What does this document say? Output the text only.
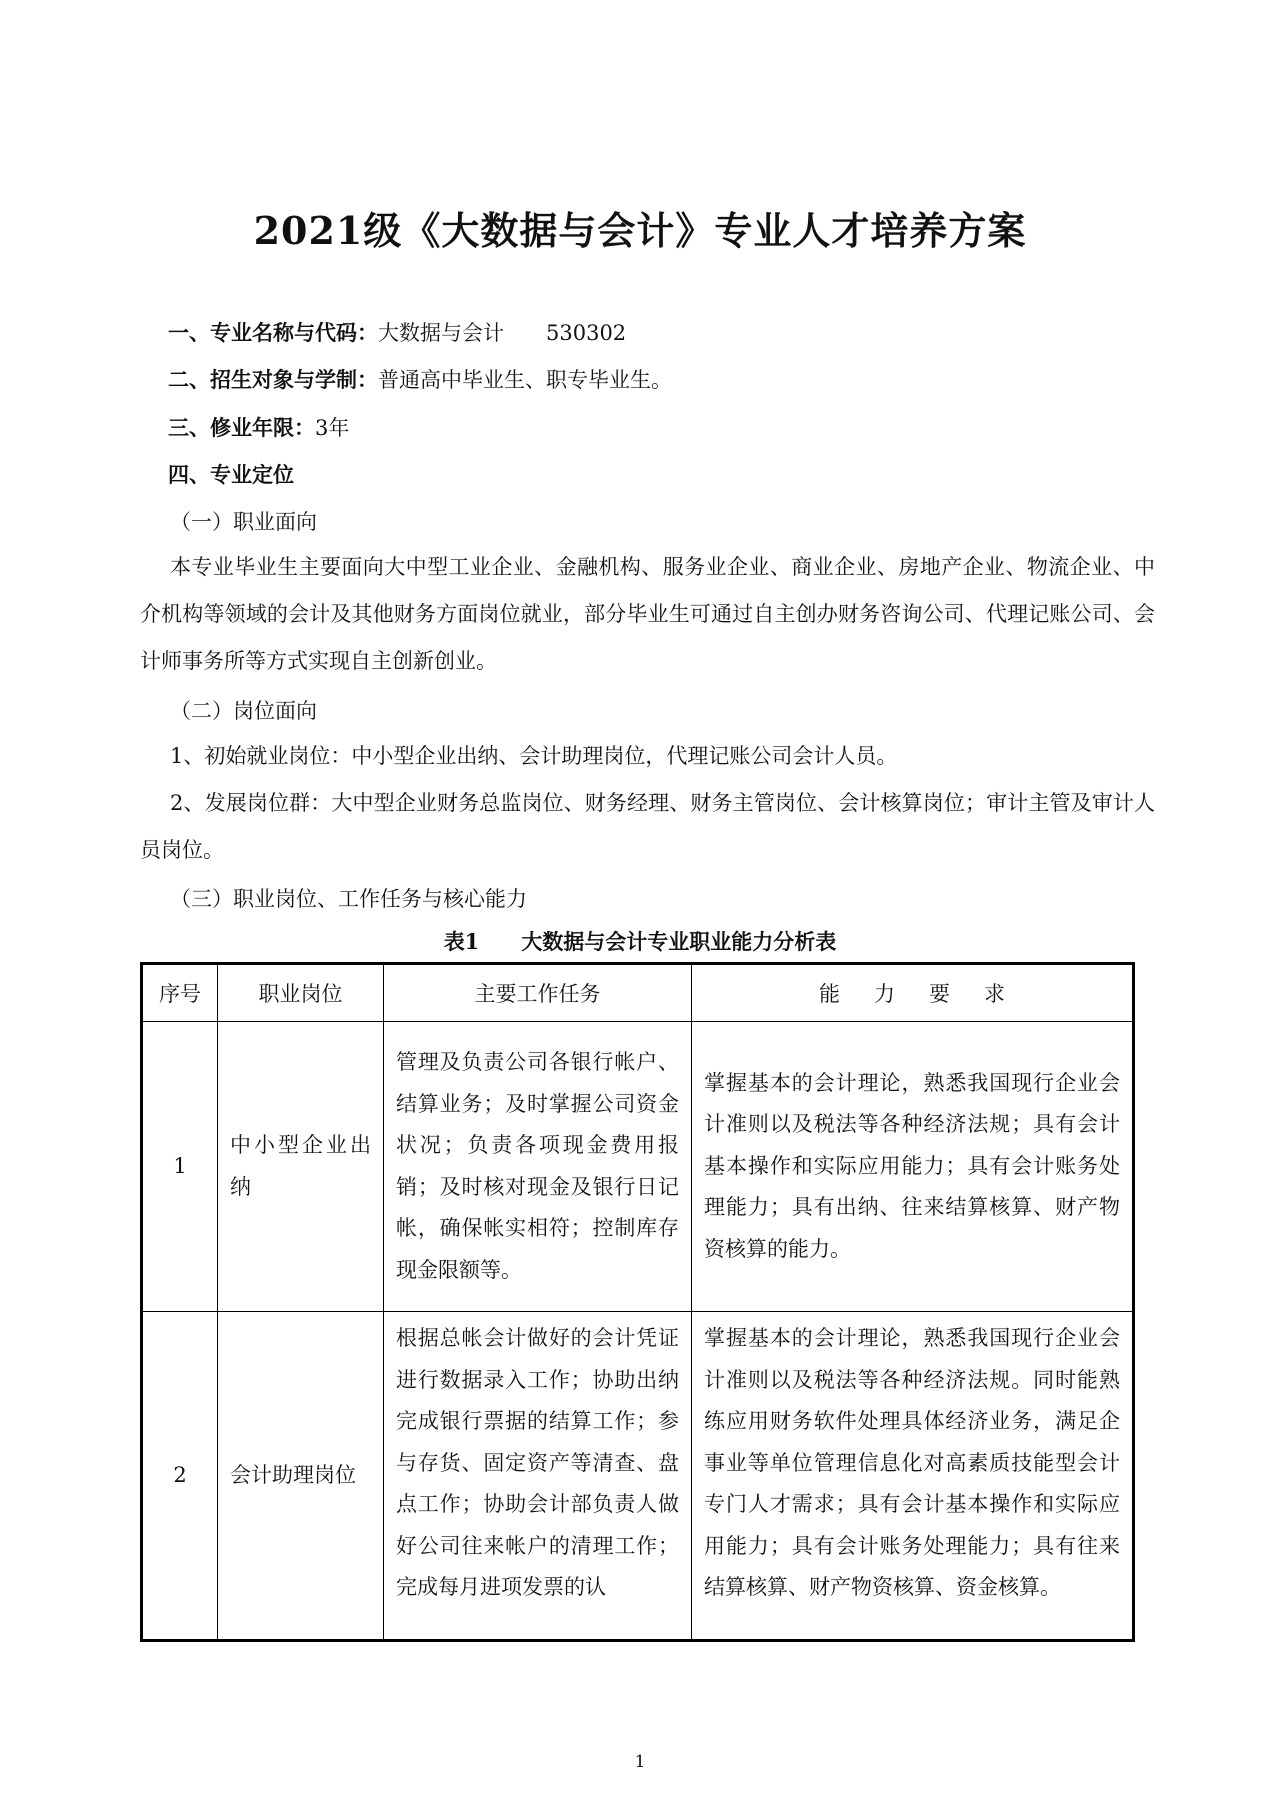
2021级《大数据与会计》专业人才培养方案
一、专业名称与代码：大数据与会计 530302
二、招生对象与学制：普通高中毕业生、职专毕业生。
三、修业年限：3年
四、专业定位
（一）职业面向
本专业毕业生主要面向大中型工业企业、金融机构、服务业企业、商业企业、房地产企业、物流企业、中介机构等领域的会计及其他财务方面岗位就业，部分毕业生可通过自主创办财务咨询公司、代理记账公司、会计师事务所等方式实现自主创新创业。
（二）岗位面向
1、初始就业岗位：中小型企业出纳、会计助理岗位，代理记账公司会计人员。
2、发展岗位群：大中型企业财务总监岗位、财务经理、财务主管岗位、会计核算岗位；审计主管及审计人员岗位。
（三）职业岗位、工作任务与核心能力
表1 大数据与会计专业职业能力分析表
序号	职业岗位	主要工作任务	能力要求
1	中小型企业出纳	管理及负责公司各银行帐户、结算业务；及时掌握公司资金状况；负责各项现金费用报销；及时核对现金及银行日记帐，确保帐实相符；控制库存现金限额等。	掌握基本的会计理论，熟悉我国现行企业会计准则以及税法等各种经济法规；具有会计基本操作和实际应用能力；具有会计账务处理能力；具有出纳、往来结算核算、财产物资核算的能力。
2	会计助理岗位	根据总帐会计做好的会计凭证进行数据录入工作；协助出纳完成银行票据的结算工作；参与存货、固定资产等清查、盘点工作；协助会计部负责人做好公司往来帐户的清理工作；完成每月进项发票的认	掌握基本的会计理论，熟悉我国现行企业会计准则以及税法等各种经济法规。同时能熟练应用财务软件处理具体经济业务，满足企事业等单位管理信息化对高素质技能型会计专门人才需求；具有会计基本操作和实际应用能力；具有会计账务处理能力；具有往来结算核算、财产物资核算、资金核算。
1
